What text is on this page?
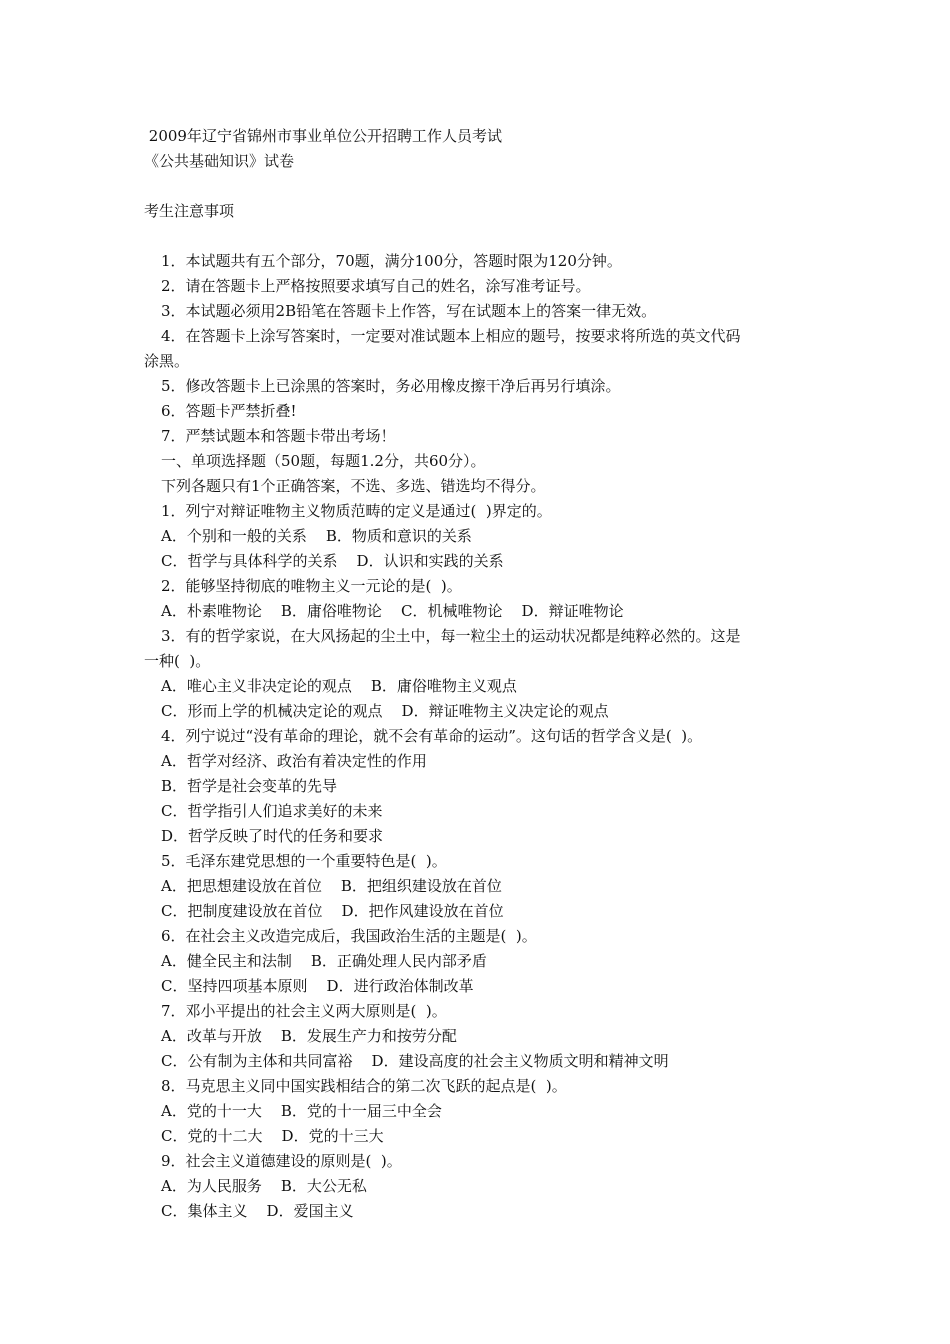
2009年辽宁省锦州市事业单位公开招聘工作人员考试

《公共基础知识》试卷

考生注意事项

1．本试题共有五个部分，70题，满分100分，答题时限为120分钟。

2．请在答题卡上严格按照要求填写自己的姓名，涂写准考证号。

3．本试题必须用2B铅笔在答题卡上作答，写在试题本上的答案一律无效。

4．在答题卡上涂写答案时，一定要对准试题本上相应的题号，按要求将所选的英文代码

涂黑。

5．修改答题卡上已涂黑的答案时，务必用橡皮擦干净后再另行填涂。

6．答题卡严禁折叠!

7．严禁试题本和答题卡带出考场！

一、单项选择题（50题，每题1.2分，共60分）。

下列各题只有1个正确答案，不选、多选、错选均不得分。

1．列宁对辩证唯物主义物质范畴的定义是通过(  )界定的。

A．个别和一般的关系    B．物质和意识的关系

C．哲学与具体科学的关系    D．认识和实践的关系

2．能够坚持彻底的唯物主义一元论的是(  )。

A．朴素唯物论    B．庸俗唯物论    C．机械唯物论    D．辩证唯物论

3．有的哲学家说，在大风扬起的尘土中，每一粒尘土的运动状况都是纯粹必然的。这是

一种(  )。

A．唯心主义非决定论的观点    B．庸俗唯物主义观点

C．形而上学的机械决定论的观点    D．辩证唯物主义决定论的观点

4．列宁说过“没有革命的理论，就不会有革命的运动”。这句话的哲学含义是(  )。

A．哲学对经济、政治有着决定性的作用

B．哲学是社会变革的先导

C．哲学指引人们追求美好的未来

D．哲学反映了时代的任务和要求

5．毛泽东建党思想的一个重要特色是(  )。

A．把思想建设放在首位    B．把组织建设放在首位

C．把制度建设放在首位    D．把作风建设放在首位

6．在社会主义改造完成后，我国政治生活的主题是(  )。

A．健全民主和法制    B．正确处理人民内部矛盾

C．坚持四项基本原则    D．进行政治体制改革

7．邓小平提出的社会主义两大原则是(  )。

A．改革与开放    B．发展生产力和按劳分配

C．公有制为主体和共同富裕    D．建设高度的社会主义物质文明和精神文明

8．马克思主义同中国实践相结合的第二次飞跃的起点是(  )。

A．党的十一大    B．党的十一届三中全会

C．党的十二大    D．党的十三大

9．社会主义道德建设的原则是(  )。

A．为人民服务    B．大公无私

C．集体主义    D．爱国主义
